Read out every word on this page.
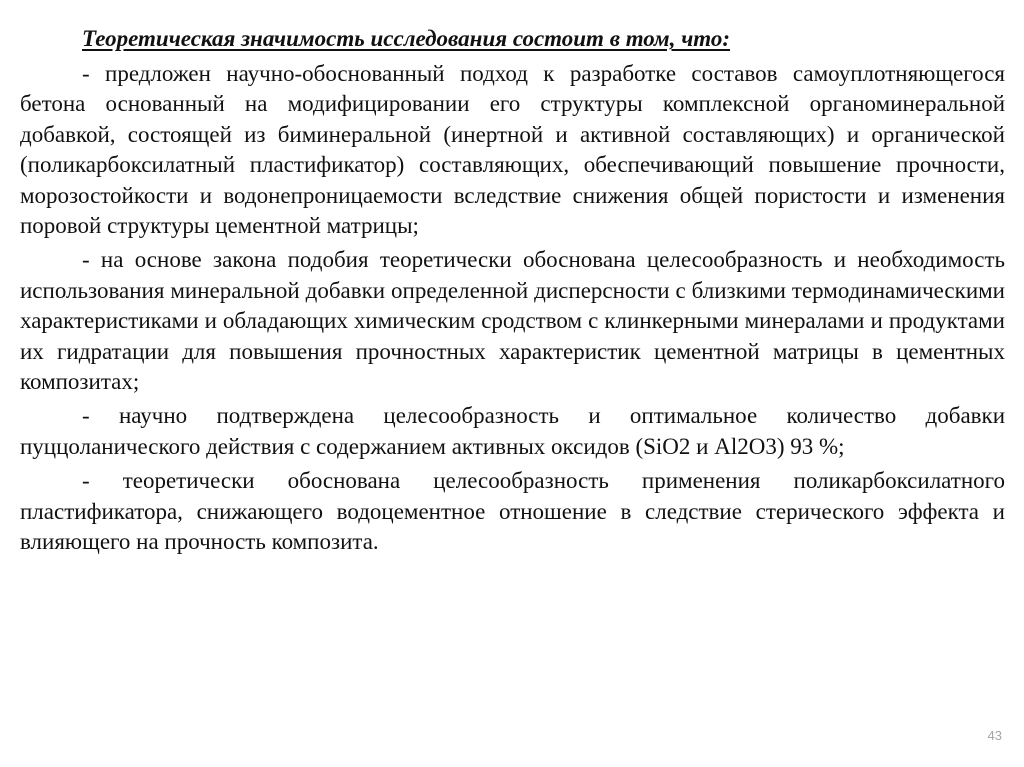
Теоретическая значимость исследования состоит в том, что:

- предложен научно-обоснованный подход к разработке составов самоуплотняющегося бетона основанный на модифицировании его структуры комплексной органоминеральной добавкой, состоящей из биминеральной (инертной и активной составляющих) и органической (поликарбоксилатный пластификатор) составляющих, обеспечивающий повышение прочности, морозостойкости и водонепроницаемости вследствие снижения общей пористости и изменения поровой структуры цементной матрицы;

- на основе закона подобия теоретически обоснована целесообразность и необходимость использования минеральной добавки определенной дисперсности с близкими термодинамическими характеристиками и обладающих химическим сродством с клинкерными минералами и продуктами их гидратации для повышения прочностных характеристик цементной матрицы в цементных композитах;

- научно подтверждена целесообразность и оптимальное количество добавки пуццоланического действия с содержанием активных оксидов (SiO2 и Al2O3) 93 %;

- теоретически обоснована целесообразность применения поликарбоксилатного пластификатора, снижающего водоцементное отношение в следствие стерического эффекта и влияющего на прочность композита.

43
